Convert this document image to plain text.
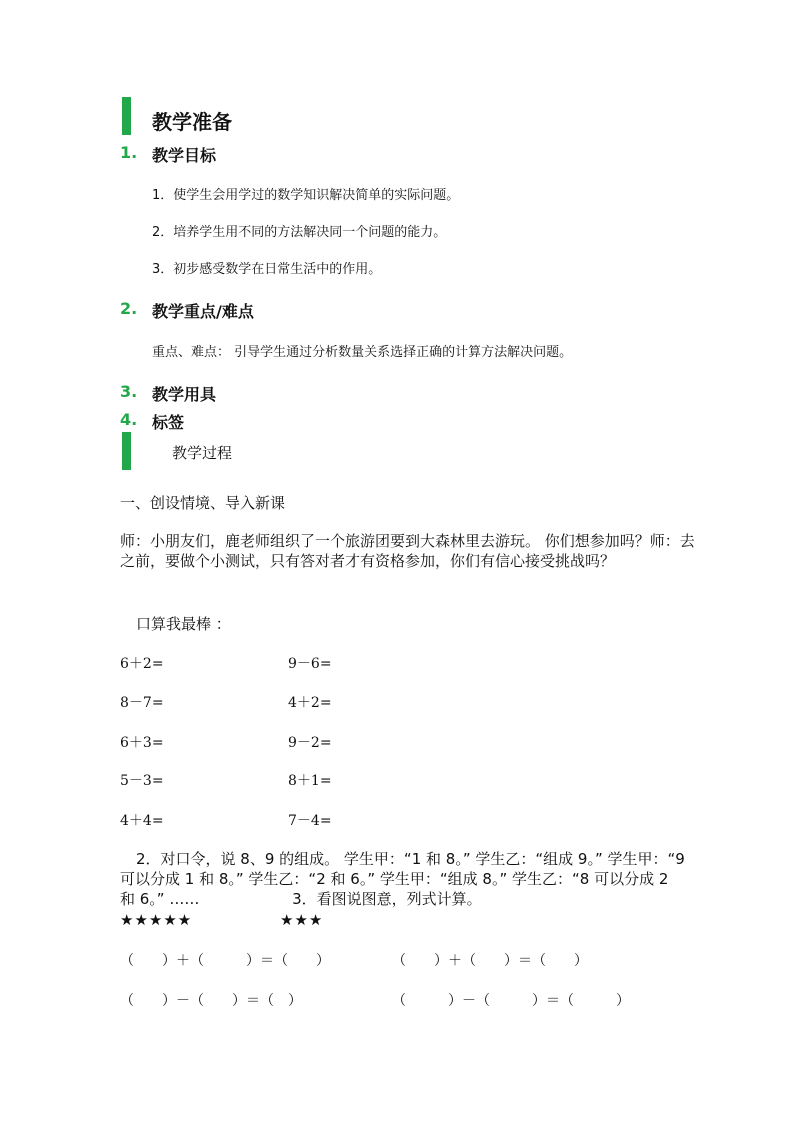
教学准备
1. 教学目标
1．使学生会用学过的数学知识解决简单的实际问题。
2．培养学生用不同的方法解决同一个问题的能力。
3．初步感受数学在日常生活中的作用。
2. 教学重点/难点
重点、难点： 引导学生通过分析数量关系选择正确的计算方法解决问题。
3. 教学用具
4. 标签
教学过程
一、创设情境、导入新课
师：小朋友们，鹿老师组织了一个旅游团要到大森林里去游玩。 你们想参加吗？师：去之前，要做个小测试，只有答对者才有资格参加，你们有信心接受挑战吗？
口算我最棒 ：
6＋2=	9－6=
8－7=	4＋2=
6＋3=	9－2=
5－3=	8＋1=
4＋4=	7－4=
2．对口令，说 8、9 的组成。 学生甲：“1 和 8。” 学生乙：“组成 9。” 学生甲：“9 可以分成 1 和 8。” 学生乙：“2 和 6。” 学生甲：“组成 8。” 学生乙：“8 可以分成 2 和 6。” ……	3．看图说图意，列式计算。
★★★★★	★★★
（　　）＋（　　　）＝（　　）	（　　）＋（　　）＝（　　）
（　　）－（　　）＝（　）	（　　　）－（　　　）＝（　　　）
